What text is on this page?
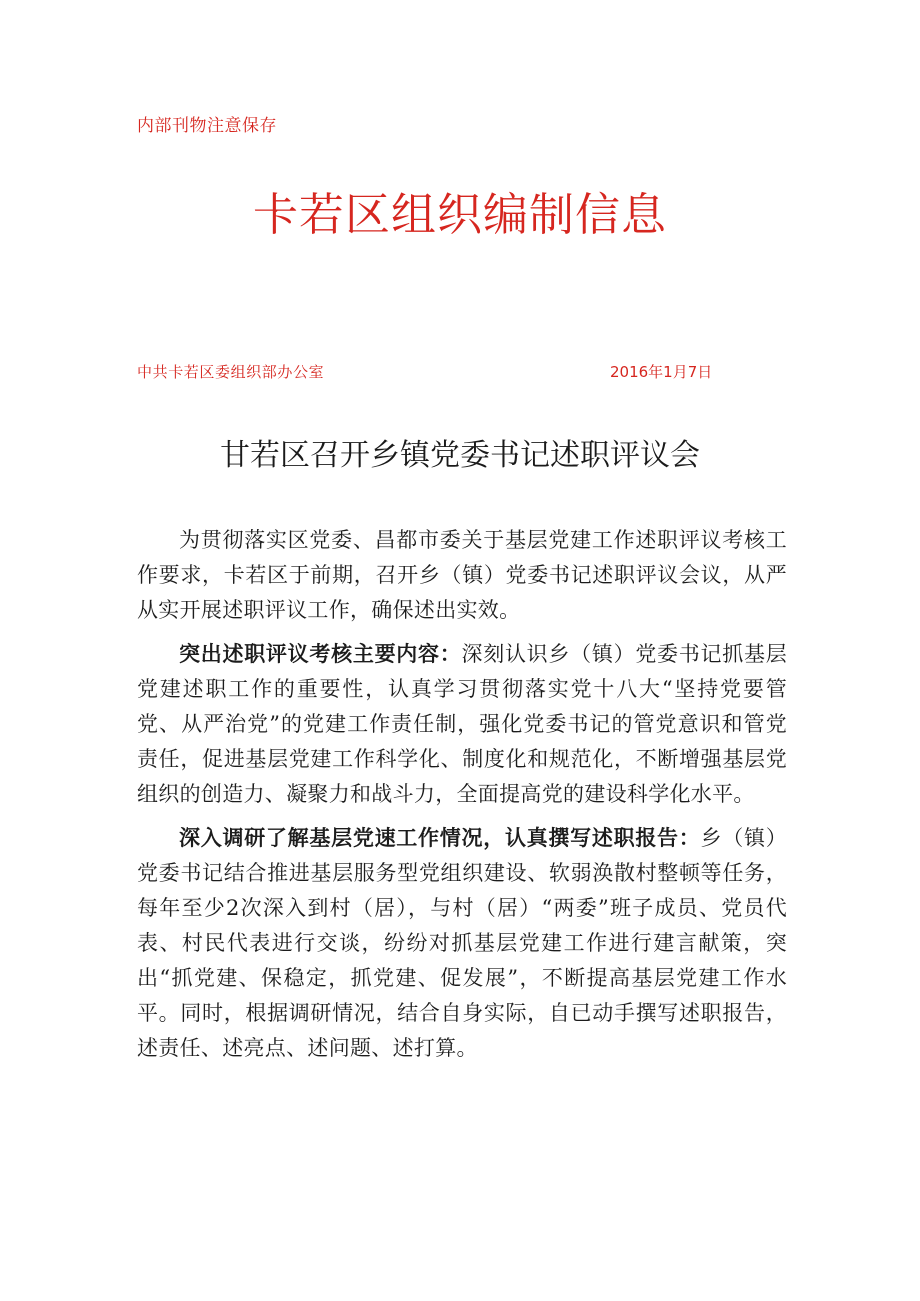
内部刊物注意保存
卡若区组织编制信息
中共卡若区委组织部办公室	2016年1月7日
甘若区召开乡镇党委书记述职评议会

为贯彻落实区党委、昌都市委关于基层党建工作述职评议考核工作要求，卡若区于前期，召开乡（镇）党委书记述职评议会议，从严从实开展述职评议工作，确保述出实效。

突出述职评议考核主要内容：深刻认识乡（镇）党委书记抓基层党建述职工作的重要性，认真学习贯彻落实党十八大“坚持党要管党、从严治党”的党建工作责任制，强化党委书记的管党意识和管党责任，促进基层党建工作科学化、制度化和规范化，不断增强基层党组织的创造力、凝聚力和战斗力，全面提高党的建设科学化水平。

深入调研了解基层党速工作情况，认真撰写述职报告：乡（镇）党委书记结合推进基层服务型党组织建设、软弱涣散村整顿等任务，每年至少2次深入到村（居），与村（居）“两委”班子成员、党员代表、村民代表进行交谈，纷纷对抓基层党建工作进行建言献策，突出“抓党建、保稳定，抓党建、促发展”，不断提高基层党建工作水平。同时，根据调研情况，结合自身实际，自已动手撰写述职报告，述责任、述亮点、述问题、述打算。
